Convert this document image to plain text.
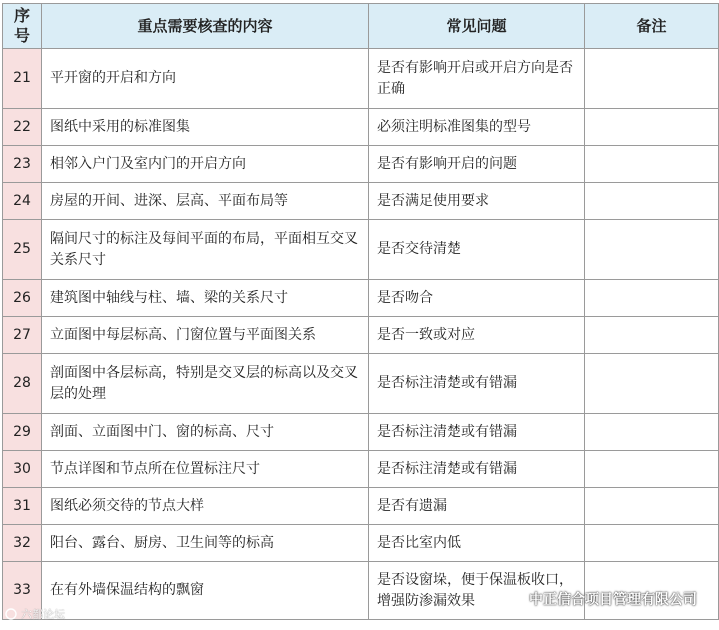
序号	重点需要核查的内容	常见问题	备注
21	平开窗的开启和方向	是否有影响开启或开启方向是否正确	
22	图纸中采用的标准图集	必须注明标准图集的型号	
23	相邻入户门及室内门的开启方向	是否有影响开启的问题	
24	房屋的开间、进深、层高、平面布局等	是否满足使用要求	
25	隔间尺寸的标注及每间平面的布局，平面相互交叉关系尺寸	是否交待清楚	
26	建筑图中轴线与柱、墙、梁的关系尺寸	是否吻合	
27	立面图中每层标高、门窗位置与平面图关系	是否一致或对应	
28	剖面图中各层标高，特别是交叉层的标高以及交叉层的处理	是否标注清楚或有错漏	
29	剖面、立面图中门、窗的标高、尺寸	是否标注清楚或有错漏	
30	节点详图和节点所在位置标注尺寸	是否标注清楚或有错漏	
31	图纸必须交待的节点大样	是否有遗漏	
32	阳台、露台、厨房、卫生间等的标高	是否比室内低	
33	在有外墙保温结构的飘窗	是否设窗垛，便于保温板收口，增强防渗漏效果		中正信合项目管理有限公司
六都论坛
